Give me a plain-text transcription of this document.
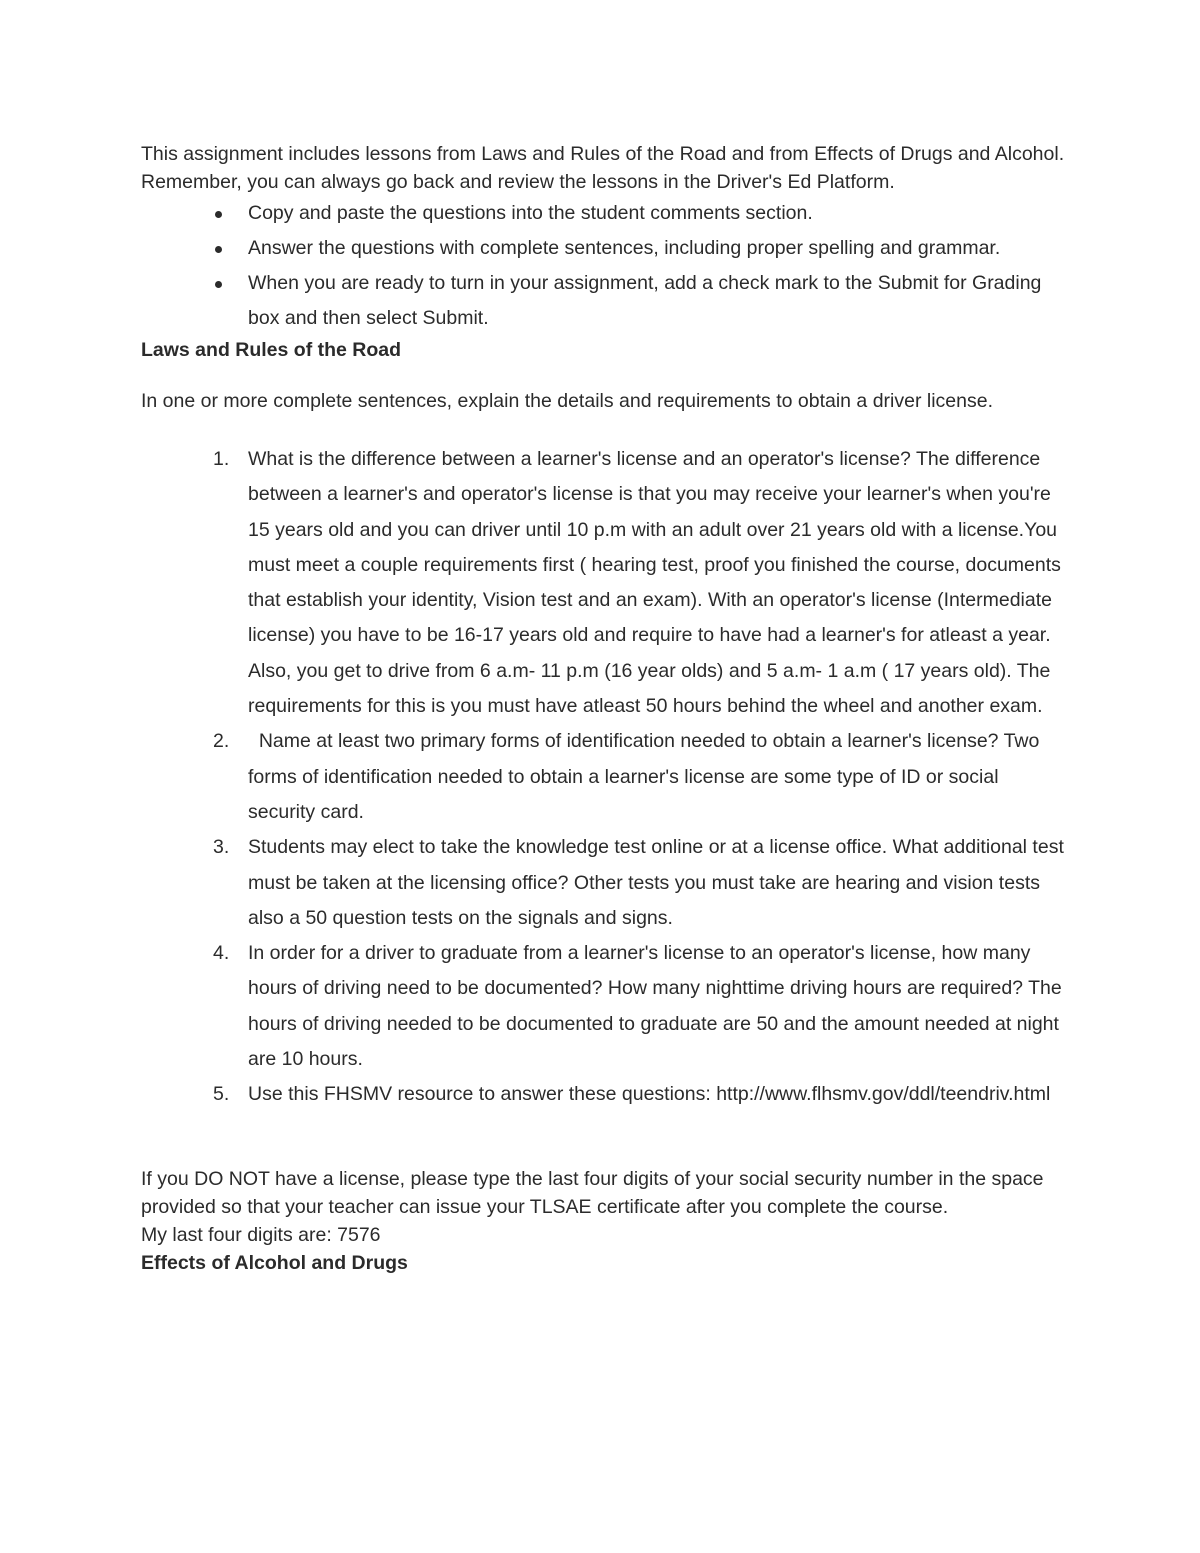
This assignment includes lessons from Laws and Rules of the Road and from Effects of Drugs and Alcohol. Remember, you can always go back and review the lessons in the Driver's Ed Platform.

Copy and paste the questions into the student comments section.
Answer the questions with complete sentences, including proper spelling and grammar.
When you are ready to turn in your assignment, add a check mark to the Submit for Grading box and then select Submit.
Laws and Rules of the Road

In one or more complete sentences, explain the details and requirements to obtain a driver license.

1. What is the difference between a learner's license and an operator's license? The difference between a learner's and operator's license is that you may receive your learner's when you're 15 years old and you can driver until 10 p.m with an adult over 21 years old with a license.You must meet a couple requirements first ( hearing test, proof you finished the course, documents that establish your identity, Vision test and an exam). With an operator's license (Intermediate license) you have to be 16-17 years old and require to have had a learner's for atleast a year. Also, you get to drive from 6 a.m- 11 p.m (16 year olds) and 5 a.m- 1 a.m ( 17 years old). The requirements for this is you must have atleast 50 hours behind the wheel and another exam.
2. Name at least two primary forms of identification needed to obtain a learner's license? Two forms of identification needed to obtain a learner's license are some type of ID or social security card.
3. Students may elect to take the knowledge test online or at a license office. What additional test must be taken at the licensing office? Other tests you must take are hearing and vision tests also a 50 question tests on the signals and signs.
4. In order for a driver to graduate from a learner's license to an operator's license, how many hours of driving need to be documented? How many nighttime driving hours are required? The hours of driving needed to be documented to graduate are 50 and the amount needed at night are 10 hours.
5. Use this FHSMV resource to answer these questions: http://www.flhsmv.gov/ddl/teendriv.html

If you DO NOT have a license, please type the last four digits of your social security number in the space provided so that your teacher can issue your TLSAE certificate after you complete the course.

My last four digits are: 7576

Effects of Alcohol and Drugs
